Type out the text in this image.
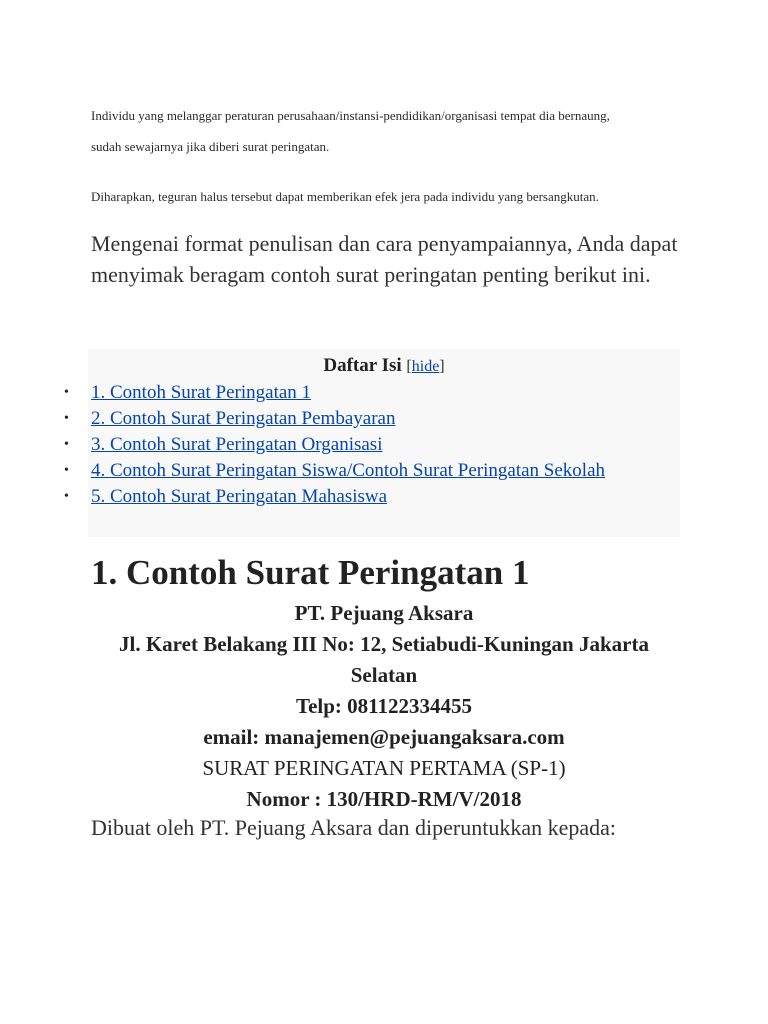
Individu yang melanggar peraturan perusahaan/instansi-pendidikan/organisasi tempat dia bernaung,

sudah sewajarnya jika diberi surat peringatan.

Diharapkan, teguran halus tersebut dapat memberikan efek jera pada individu yang bersangkutan.

Mengenai format penulisan dan cara penyampaiannya, Anda dapat menyimak beragam contoh surat peringatan penting berikut ini.

Daftar Isi [hide]
• 1. Contoh Surat Peringatan 1
• 2. Contoh Surat Peringatan Pembayaran
• 3. Contoh Surat Peringatan Organisasi
• 4. Contoh Surat Peringatan Siswa/Contoh Surat Peringatan Sekolah
• 5. Contoh Surat Peringatan Mahasiswa
1. Contoh Surat Peringatan 1
PT. Pejuang Aksara
Jl. Karet Belakang III No: 12, Setiabudi-Kuningan Jakarta Selatan
Telp: 081122334455
email: manajemen@pejuangaksara.com
SURAT PERINGATAN PERTAMA (SP-1)
Nomor : 130/HRD-RM/V/2018

Dibuat oleh PT. Pejuang Aksara dan diperuntukkan kepada:
